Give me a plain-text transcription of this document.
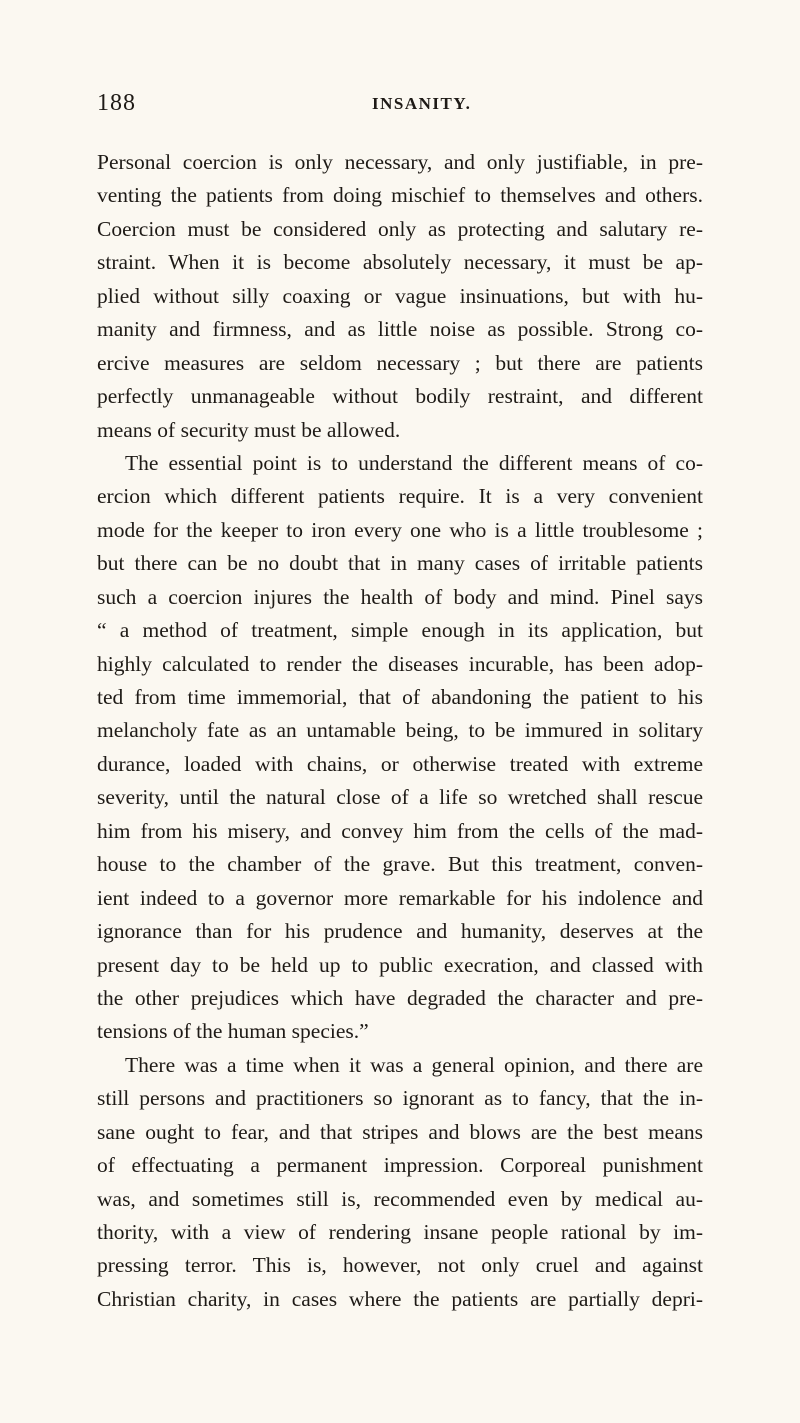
188	INSANITY.
Personal coercion is only necessary, and only justifiable, in pre-
venting the patients from doing mischief to themselves and others.
Coercion must be considered only as protecting and salutary re-
straint. When it is become absolutely necessary, it must be ap-
plied without silly coaxing or vague insinuations, but with hu-
manity and firmness, and as little noise as possible. Strong co-
ercive measures are seldom necessary ; but there are patients
perfectly unmanageable without bodily restraint, and different
means of security must be allowed.
The essential point is to understand the different means of co-
ercion which different patients require. It is a very convenient
mode for the keeper to iron every one who is a little troublesome ;
but there can be no doubt that in many cases of irritable patients
such a coercion injures the health of body and mind. Pinel says
“ a method of treatment, simple enough in its application, but
highly calculated to render the diseases incurable, has been adop-
ted from time immemorial, that of abandoning the patient to his
melancholy fate as an untamable being, to be immured in solitary
durance, loaded with chains, or otherwise treated with extreme
severity, until the natural close of a life so wretched shall rescue
him from his misery, and convey him from the cells of the mad-
house to the chamber of the grave. But this treatment, conven-
ient indeed to a governor more remarkable for his indolence and
ignorance than for his prudence and humanity, deserves at the
present day to be held up to public execration, and classed with
the other prejudices which have degraded the character and pre-
tensions of the human species.”
There was a time when it was a general opinion, and there are
still persons and practitioners so ignorant as to fancy, that the in-
sane ought to fear, and that stripes and blows are the best means
of effectuating a permanent impression. Corporeal punishment
was, and sometimes still is, recommended even by medical au-
thority, with a view of rendering insane people rational by im-
pressing terror. This is, however, not only cruel and against
Christian charity, in cases where the patients are partially depri-
